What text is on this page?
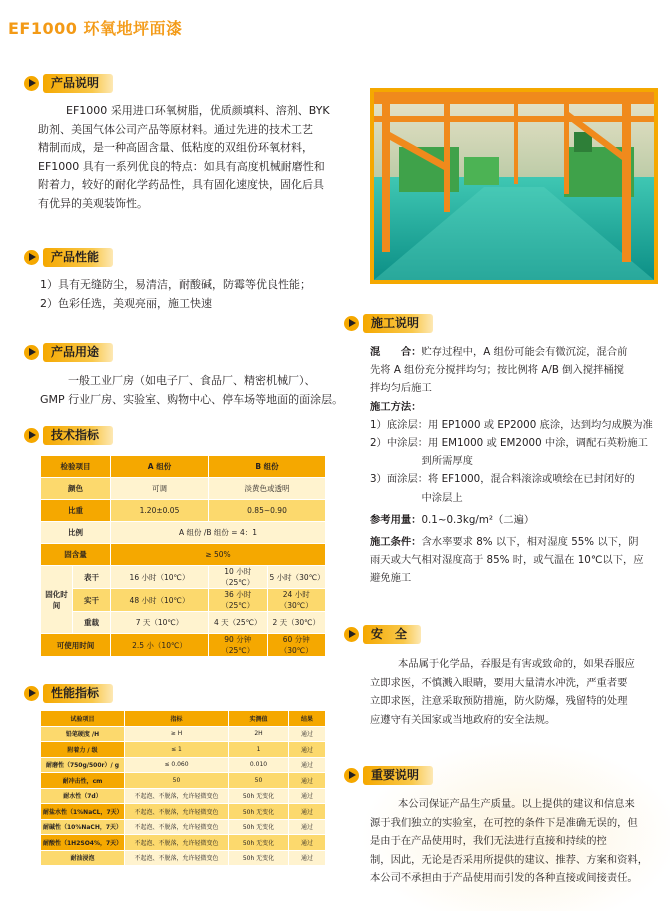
EF1000 环氧地坪面漆
产品说明
EF1000 采用进口环氧树脂，优质颜填料、溶剂、BYK
助剂、美国气体公司产品等原材料。通过先进的技术工艺
精制而成，是一种高固含量、低粘度的双组份环氧材料，
EF1000 具有一系列优良的特点：如具有高度机械耐磨性和
附着力，较好的耐化学药品性，具有固化速度快，固化后具
有优异的美观装饰性。
产品性能
1）具有无缝防尘，易清洁，耐酸碱，防霉等优良性能；
2）色彩任选，美观亮丽，施工快速
产品用途
一般工业厂房（如电子厂、食品厂、精密机械厂）、
GMP 行业厂房、实验室、购物中心、停车场等地面的面涂层。
技术指标
检验项目		A 组份	B 组份	
颜色		可调	淡黄色或透明	
比重		1.20±0.05	0.85~0.90	
比例		A 组份 /B 组份 = 4：1		
固含量		≥ 50%		
固化时间	表干	16 小时（10℃）	10 小时（25℃）	5 小时（30℃）
	实干	48 小时（10℃）	36 小时（25℃）	24 小时（30℃）
	重载	7 天（10℃）	4 天（25℃）	2 天（30℃）
可使用时间		2.5 小（10℃）	90 分钟（25℃）	60 分钟（30℃）
性能指标
试验项目	指标	实测值	结果
铅笔硬度 /H	≥ H	2H	通过
附着力 / 级	≤ 1	1	通过
耐磨性（750g/500r）/ g	≤ 0.060	0.010	通过
耐冲击性，cm	50	50	通过
耐水性（7d）	不起泡、不脱落，允许轻微变色	50h 无变化	通过
耐盐水性（1%NaCL，7天）	不起泡、不脱落，允许轻微变色	50h 无变化	通过
耐碱性（10%NaCH，7天）	不起泡、不脱落，允许轻微变色	50h 无变化	通过
耐酸性（1H2SO4%，7天）	不起泡、不脱落，允许轻微变色	50h 无变化	通过
耐油浸泡	不起泡、不脱落，允许轻微变色	50h 无变化	通过
施工说明
混　　合：贮存过程中，A 组份可能会有微沉淀，混合前
先将 A 组份充分搅拌均匀；按比例将 A/B 倒入搅拌桶搅
拌均匀后施工
施工方法：
1）底涂层：用 EP1000 或 EP2000 底涂，达到均匀成膜为准
2）中涂层：用 EM1000 或 EM2000 中涂，调配石英粉施工
　　　　　到所需厚度
3）面涂层：将 EF1000，混合料滚涂或喷绘在已封闭好的
　　　　　中涂层上
参考用量：0.1~0.3kg/m²（二遍）
施工条件：含水率要求 8% 以下，相对湿度 55% 以下，阴
雨天或大气相对湿度高于 85% 时，或气温在 10℃以下，应
避免施工
安　全
本品属于化学品，吞服是有害或致命的，如果吞服应
立即求医，不慎溅入眼睛，要用大量清水冲洗，严重者要
立即求医，注意采取预防措施，防火防爆，残留特的处理
应遵守有关国家或当地政府的安全法规。
重要说明
本公司保证产品生产质量。以上提供的建议和信息来
源于我们独立的实验室，在可控的条件下是准确无误的，但
是由于在产品使用时，我们无法进行直接和持续的控
制，因此，无论是否采用所提供的建议、推荐、方案和资料，
本公司不承担由于产品使用而引发的各种直接或间接责任。
